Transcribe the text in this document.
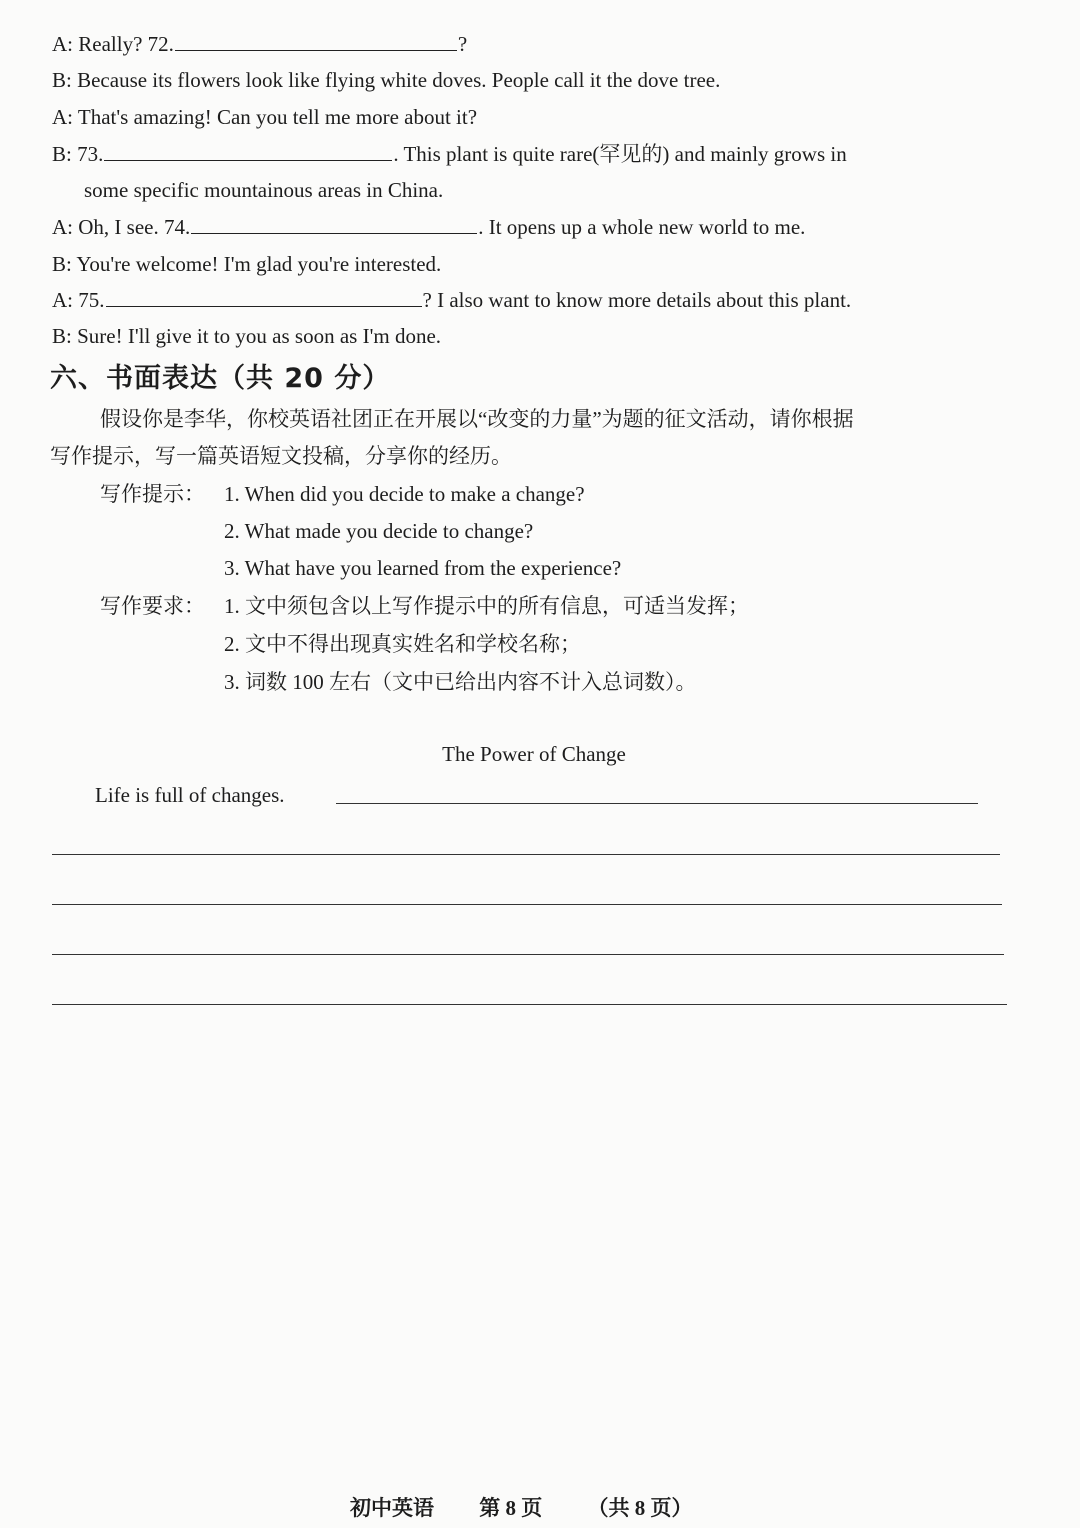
A: Really? 72.	?
B: Because its flowers look like flying white doves. People call it the dove tree.
A: That's amazing! Can you tell me more about it?
B: 73.	. This plant is quite rare(罕见的) and mainly grows in
some specific mountainous areas in China.
A: Oh, I see. 74.	. It opens up a whole new world to me.
B: You're welcome! I'm glad you're interested.
A: 75.	? I also want to know more details about this plant.
B: Sure! I'll give it to you as soon as I'm done.
六、书面表达（共 20 分）
假设你是李华，你校英语社团正在开展以“改变的力量”为题的征文活动，请你根据
写作提示，写一篇英语短文投稿，分享你的经历。
写作提示： 1. When did you decide to make a change?
2. What made you decide to change?
3. What have you learned from the experience?
写作要求： 1. 文中须包含以上写作提示中的所有信息，可适当发挥；
2. 文中不得出现真实姓名和学校名称；
3. 词数 100 左右（文中已给出内容不计入总词数）。
The Power of Change
Life is full of changes.
初中英语 第 8 页 （共 8 页）
